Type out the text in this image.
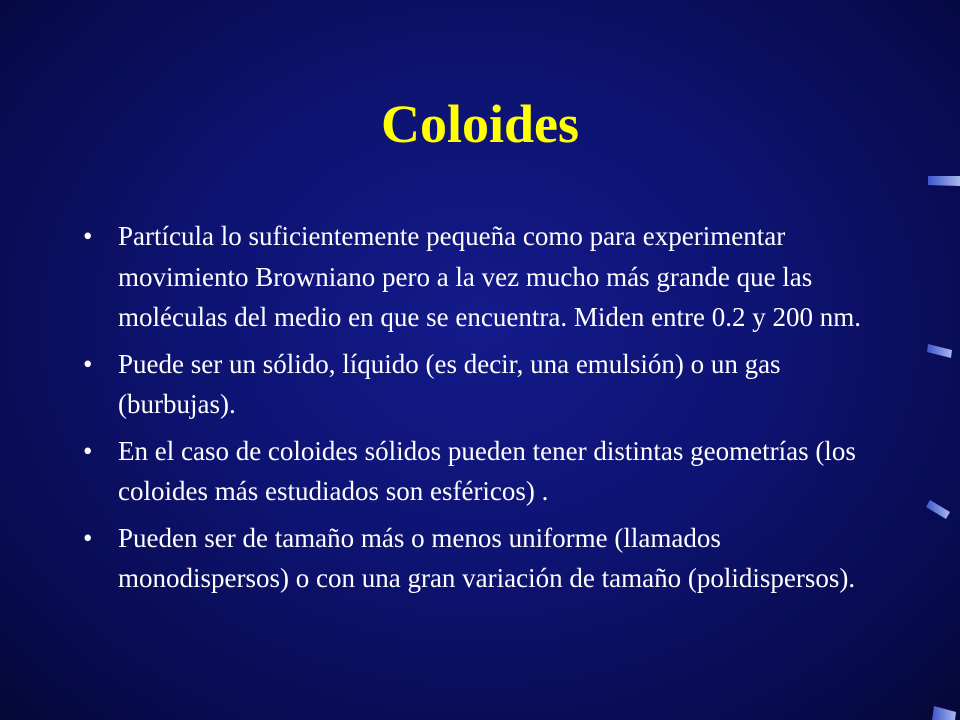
Coloides
• Partícula lo suficientemente pequeña como para experimentar movimiento Browniano pero a la vez mucho más grande que las moléculas del medio en que se encuentra. Miden entre 0.2 y 200 nm.
• Puede ser un sólido, líquido (es decir, una emulsión) o un gas (burbujas).
• En el caso de coloides sólidos pueden tener distintas geometrías (los coloides más estudiados son esféricos) .
• Pueden ser de tamaño más o menos uniforme (llamados monodispersos) o con una gran variación de tamaño (polidispersos).
